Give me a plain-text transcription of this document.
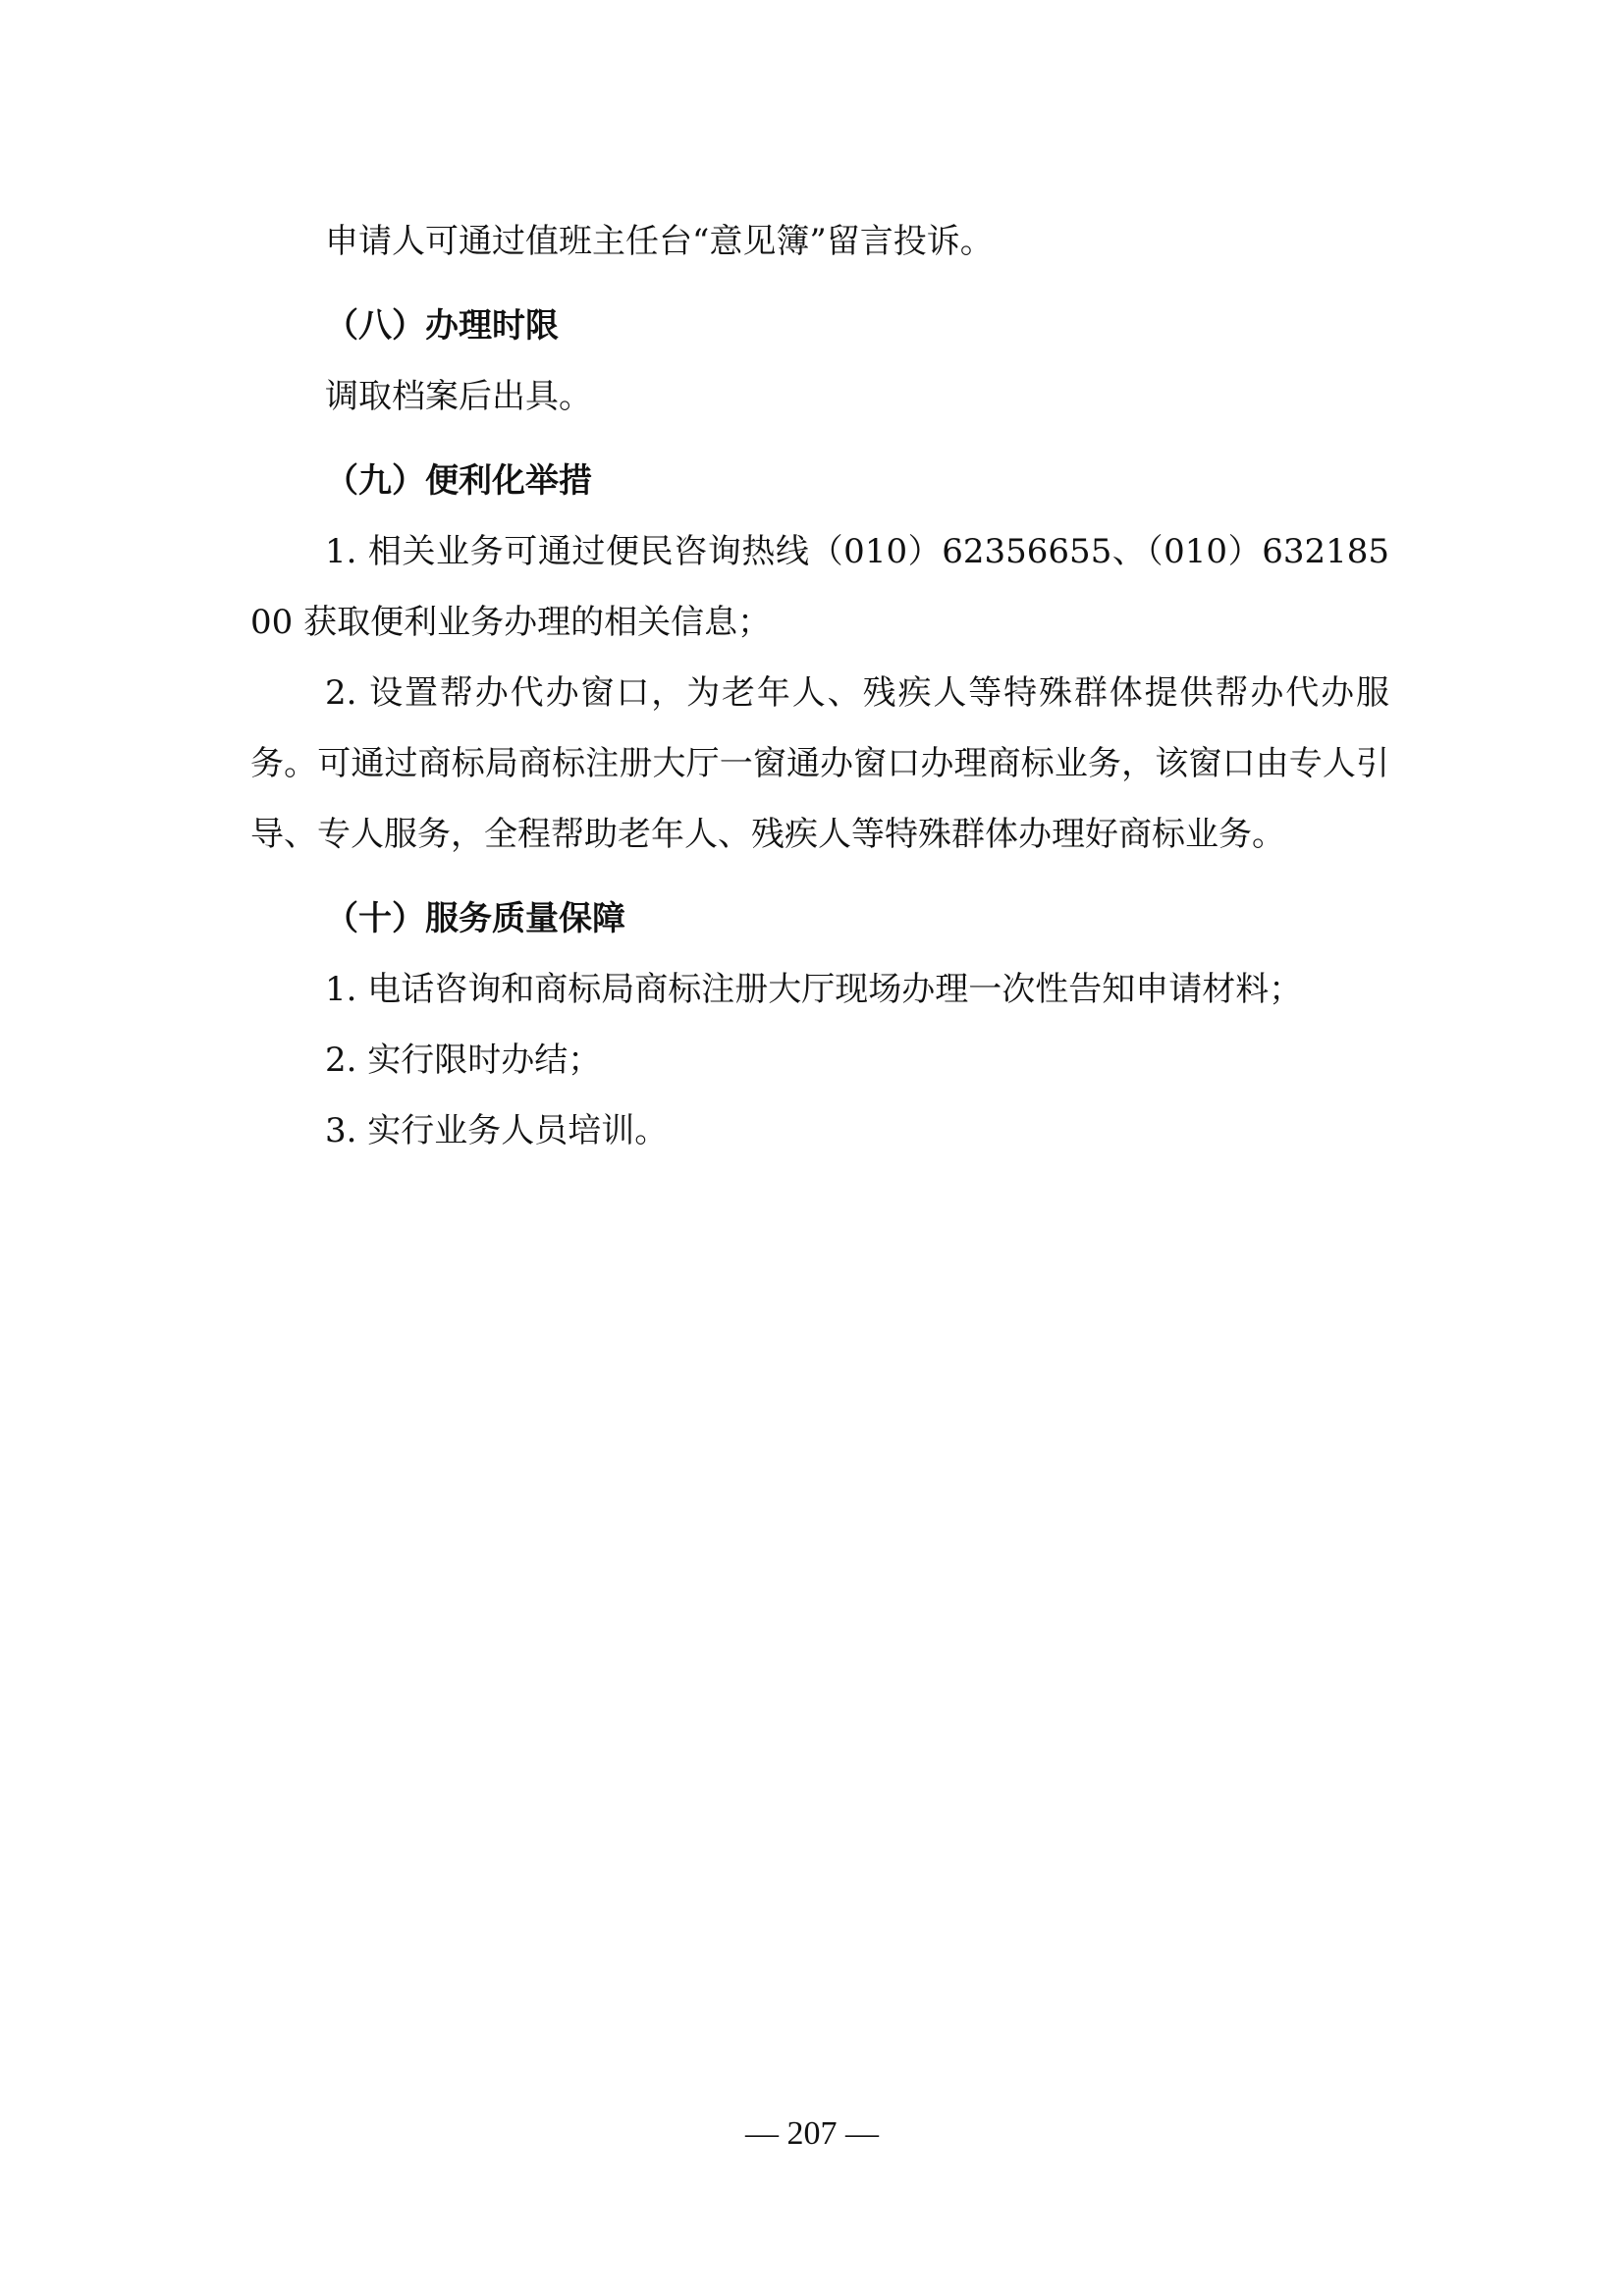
申请人可通过值班主任台“意见簿”留言投诉。

（八）办理时限

调取档案后出具。

（九）便利化举措

1. 相关业务可通过便民咨询热线（010）62356655、（010）63218500 获取便利业务办理的相关信息；

2. 设置帮办代办窗口，为老年人、残疾人等特殊群体提供帮办代办服务。可通过商标局商标注册大厅一窗通办窗口办理商标业务，该窗口由专人引导、专人服务，全程帮助老年人、残疾人等特殊群体办理好商标业务。

（十）服务质量保障

1. 电话咨询和商标局商标注册大厅现场办理一次性告知申请材料；

2. 实行限时办结；

3. 实行业务人员培训。

— 207 —
